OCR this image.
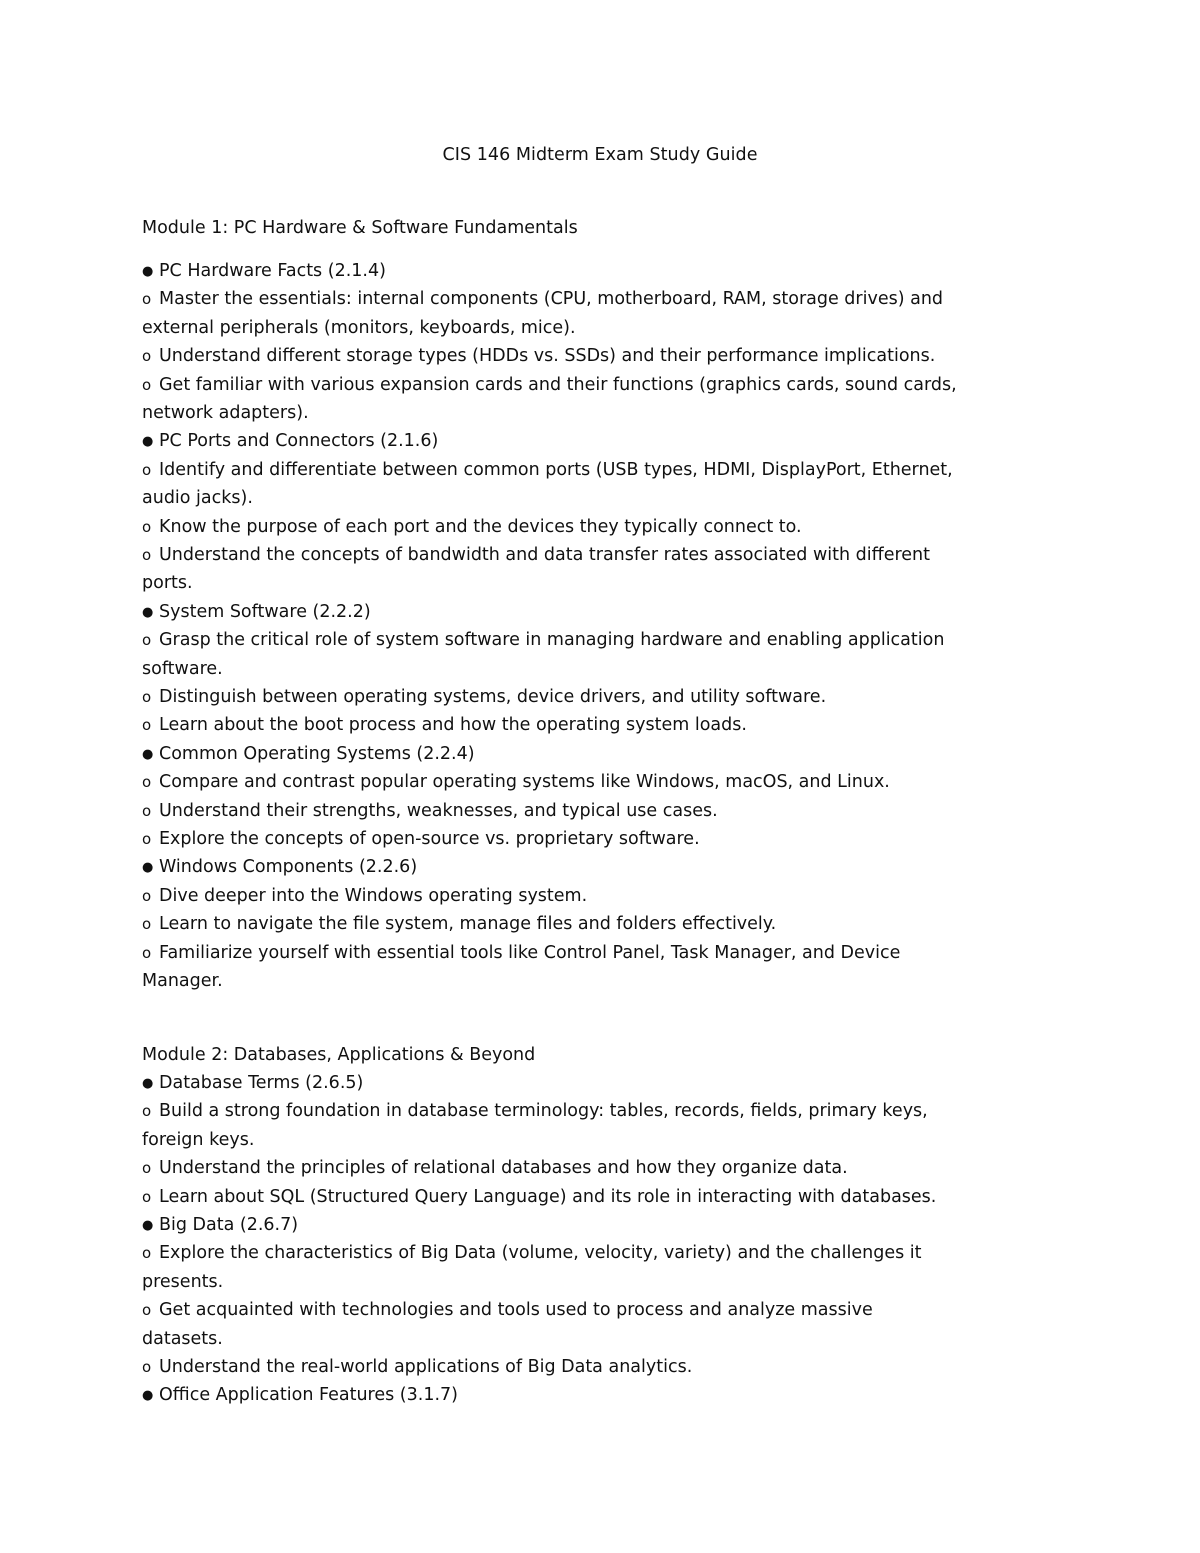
CIS 146 Midterm Exam Study Guide
Module 1: PC Hardware & Software Fundamentals
● PC Hardware Facts (2.1.4)
o Master the essentials: internal components (CPU, motherboard, RAM, storage drives) and
external peripherals (monitors, keyboards, mice).
o Understand different storage types (HDDs vs. SSDs) and their performance implications.
o Get familiar with various expansion cards and their functions (graphics cards, sound cards,
network adapters).
● PC Ports and Connectors (2.1.6)
o Identify and differentiate between common ports (USB types, HDMI, DisplayPort, Ethernet,
audio jacks).
o Know the purpose of each port and the devices they typically connect to.
o Understand the concepts of bandwidth and data transfer rates associated with different
ports.
● System Software (2.2.2)
o Grasp the critical role of system software in managing hardware and enabling application
software.
o Distinguish between operating systems, device drivers, and utility software.
o Learn about the boot process and how the operating system loads.
● Common Operating Systems (2.2.4)
o Compare and contrast popular operating systems like Windows, macOS, and Linux.
o Understand their strengths, weaknesses, and typical use cases.
o Explore the concepts of open-source vs. proprietary software.
● Windows Components (2.2.6)
o Dive deeper into the Windows operating system.
o Learn to navigate the file system, manage files and folders effectively.
o Familiarize yourself with essential tools like Control Panel, Task Manager, and Device
Manager.
Module 2: Databases, Applications & Beyond
● Database Terms (2.6.5)
o Build a strong foundation in database terminology: tables, records, fields, primary keys,
foreign keys.
o Understand the principles of relational databases and how they organize data.
o Learn about SQL (Structured Query Language) and its role in interacting with databases.
● Big Data (2.6.7)
o Explore the characteristics of Big Data (volume, velocity, variety) and the challenges it
presents.
o Get acquainted with technologies and tools used to process and analyze massive
datasets.
o Understand the real-world applications of Big Data analytics.
● Office Application Features (3.1.7)
